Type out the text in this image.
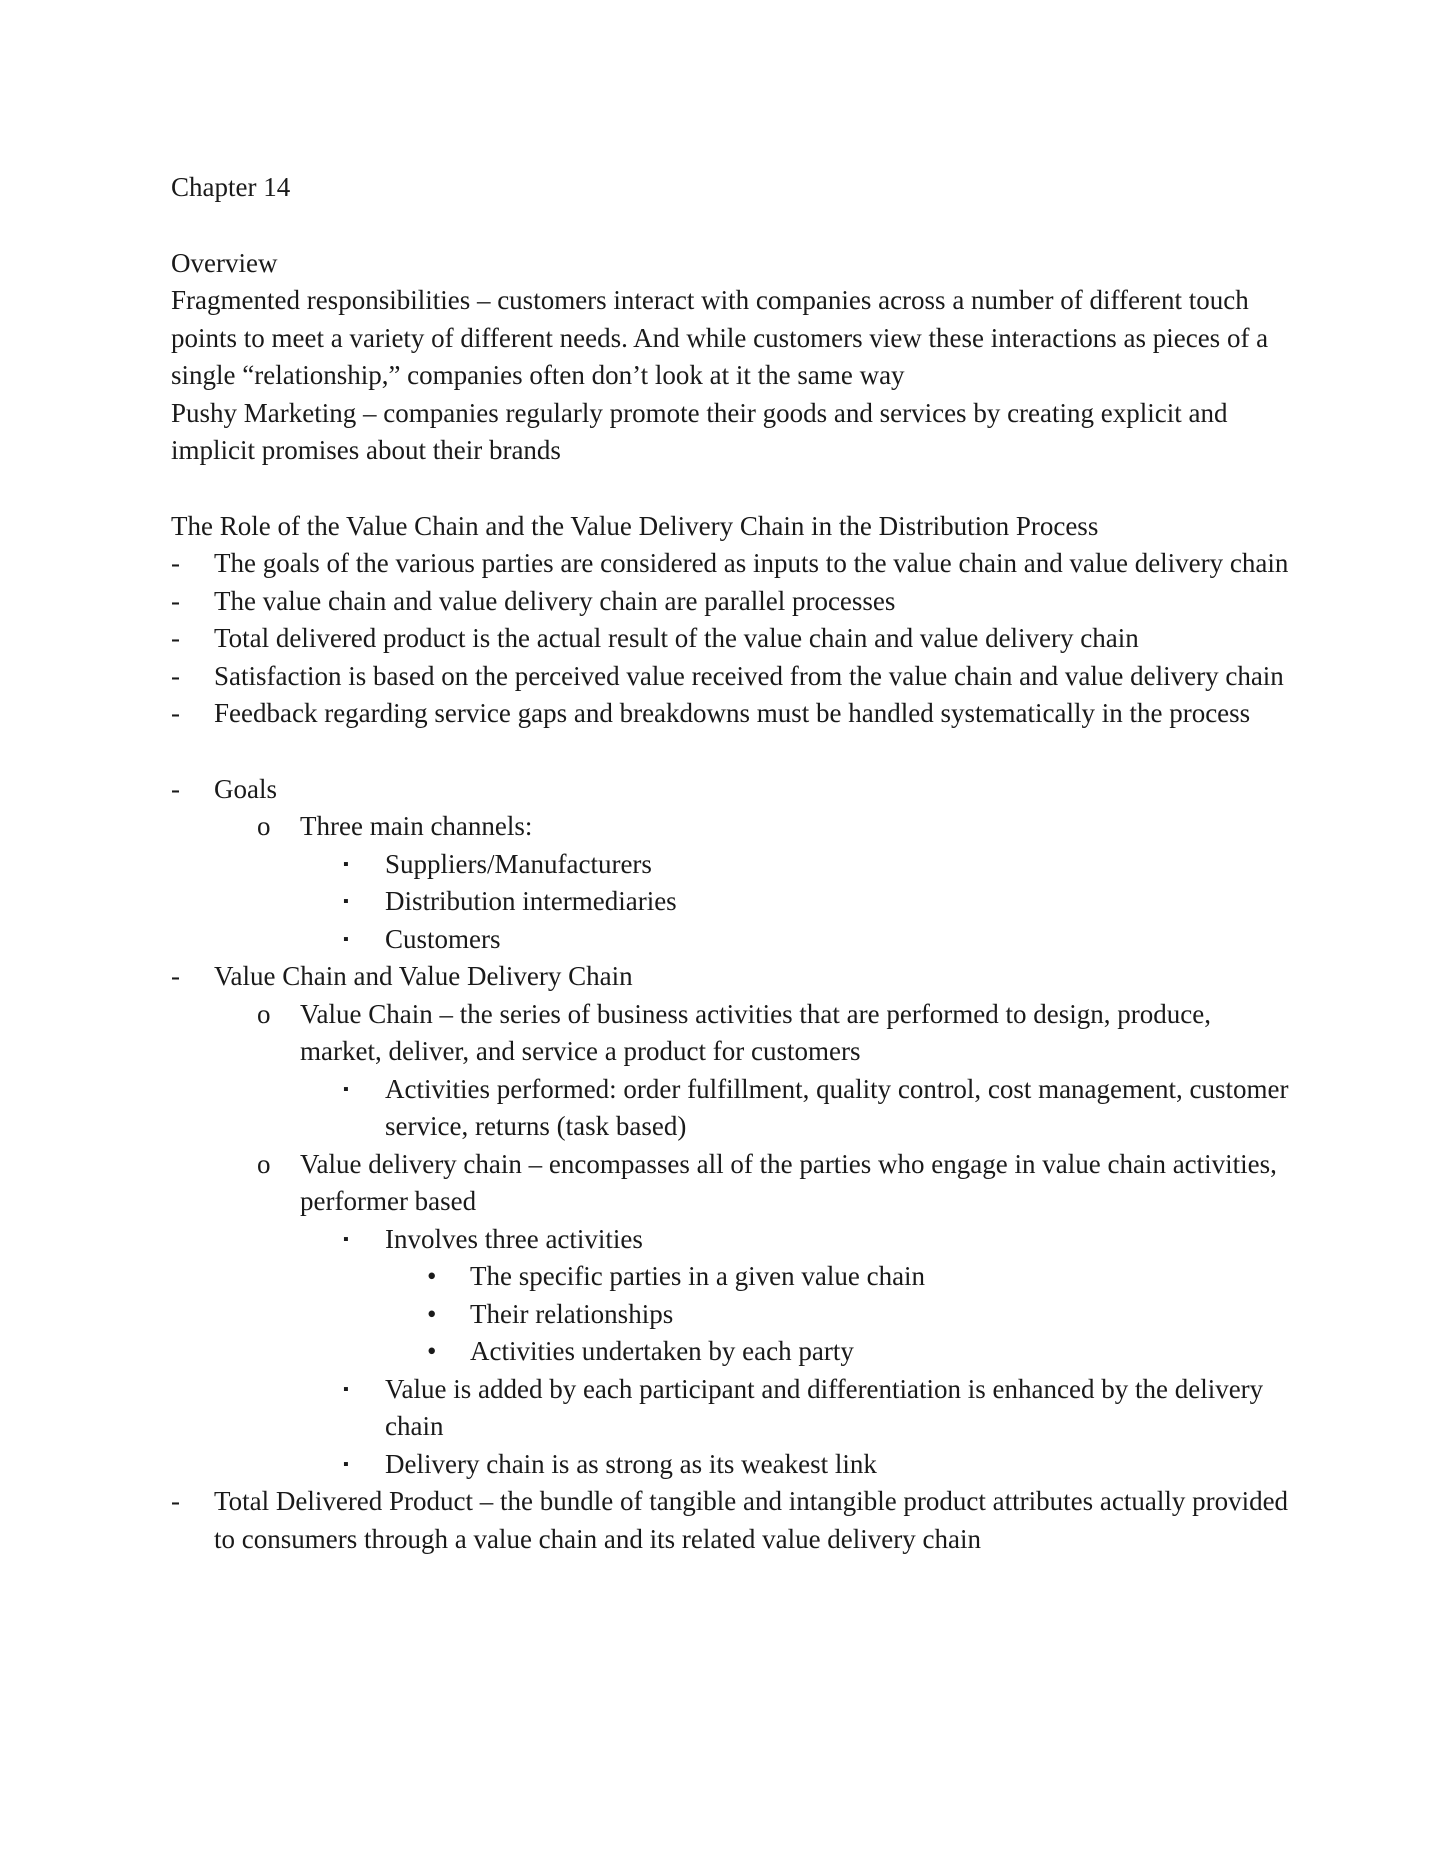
Chapter 14

Overview

Fragmented responsibilities – customers interact with companies across a number of different touch points to meet a variety of different needs. And while customers view these interactions as pieces of a single “relationship,” companies often don’t look at it the same way

Pushy Marketing – companies regularly promote their goods and services by creating explicit and implicit promises about their brands

The Role of the Value Chain and the Value Delivery Chain in the Distribution Process

-	The goals of the various parties are considered as inputs to the value chain and value delivery chain
-	The value chain and value delivery chain are parallel processes
-	Total delivered product is the actual result of the value chain and value delivery chain
-	Satisfaction is based on the perceived value received from the value chain and value delivery chain
-	Feedback regarding service gaps and breakdowns must be handled systematically in the process
-	Goals
o Three main channels:
▪ Suppliers/Manufacturers
▪ Distribution intermediaries
▪ Customers
-	Value Chain and Value Delivery Chain
o Value Chain – the series of business activities that are performed to design, produce, market, deliver, and service a product for customers
▪ Activities performed: order fulfillment, quality control, cost management, customer service, returns (task based)
o Value delivery chain – encompasses all of the parties who engage in value chain activities, performer based
▪ Involves three activities
• The specific parties in a given value chain
• Their relationships
• Activities undertaken by each party
▪ Value is added by each participant and differentiation is enhanced by the delivery chain
▪ Delivery chain is as strong as its weakest link
-	Total Delivered Product – the bundle of tangible and intangible product attributes actually provided to consumers through a value chain and its related value delivery chain
